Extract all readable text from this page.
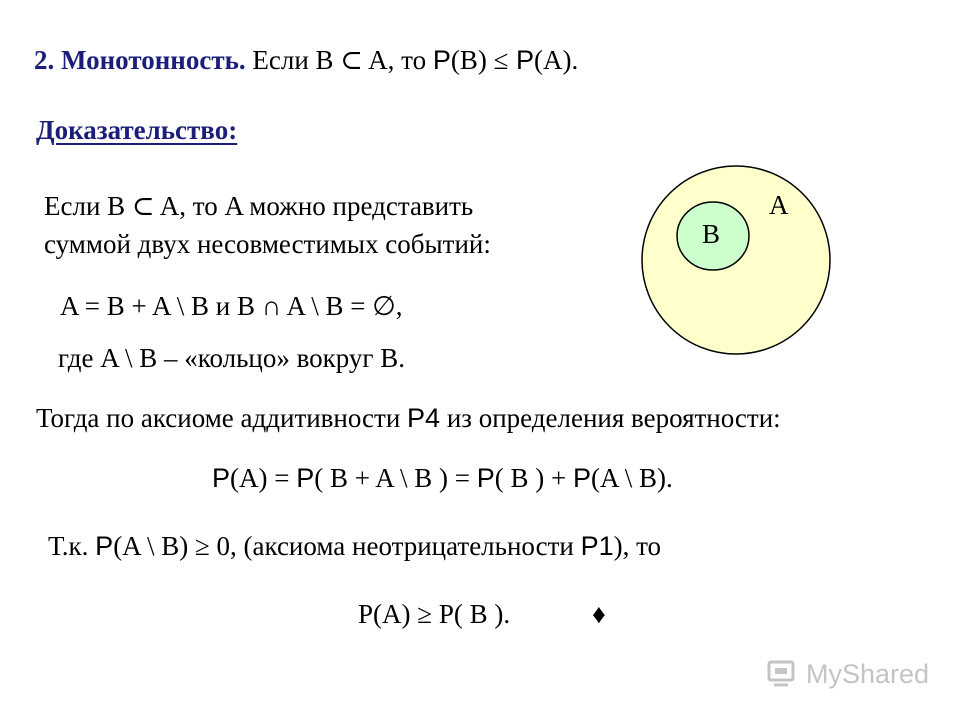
2. Монотонность. Если B ⊂ A, то P(B) ≤ P(A).
Доказательство:
Если B ⊂ A, то A можно представить
суммой двух несовместимых событий:
A = B + A \ B и B ∩ A \ B = ∅,
где A \ B – «кольцо» вокруг B.
A
B
Тогда по аксиоме аддитивности P4 из определения вероятности:
P(A) = P( B + A \ B ) = P( B ) + P(A \ B).
Т.к. P(A \ B) ≥ 0, (аксиома неотрицательности P1), то
P(A) ≥ P( B ).	♦
MyShared
